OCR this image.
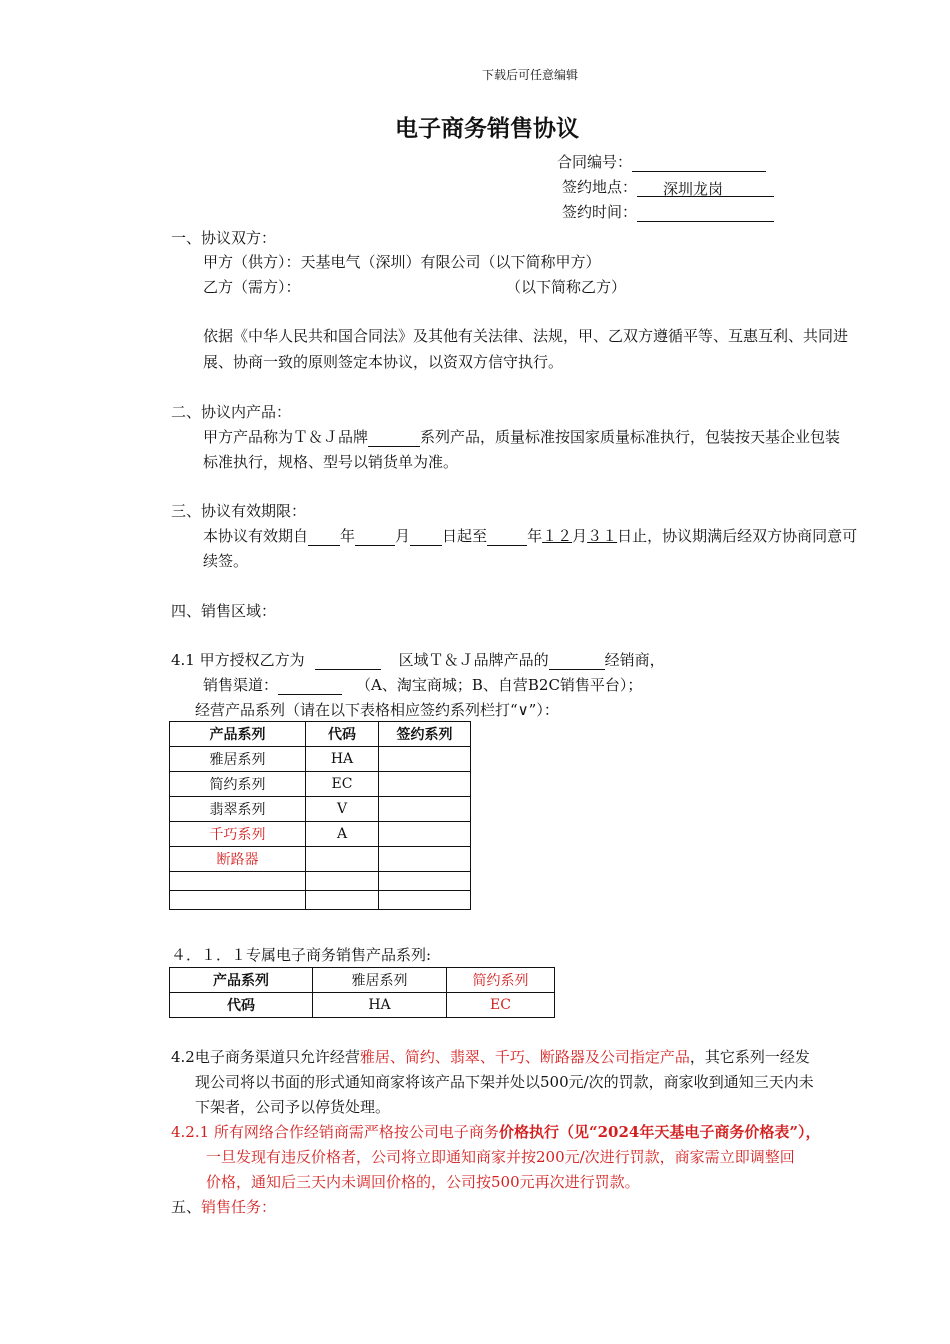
下载后可任意编辑
电子商务销售协议
合同编号：
签约地点： 深圳龙岗
签约时间：
一、协议双方：
甲方（供方）：天基电气（深圳）有限公司（以下简称甲方）
乙方（需方）：	（以下简称乙方）
依据《中华人民共和国合同法》及其他有关法律、法规，甲、乙双方遵循平等、互惠互利、共同进
展、协商一致的原则签定本协议，以资双方信守执行。
二、协议内产品：
甲方产品称为Ｔ＆Ｊ品牌	系列产品，质量标准按国家质量标准执行，包装按天基企业包装
标准执行，规格、型号以销货单为准。
三、协议有效期限：
本协议有效期自 年	月 日起至	年１２月３１日止，协议期满后经双方协商同意可
续签。
四、销售区域：
4.1 甲方授权乙方为	区域Ｔ＆Ｊ品牌产品的	经销商，
销售渠道：	（A、淘宝商城；B、自营B2C销售平台）；
经营产品系列（请在以下表格相应签约系列栏打“∨”）：
产品系列	代码	签约系列
雅居系列	HA	
简约系列	EC	
翡翠系列	V	
千巧系列	A	
断路器		

４．１．１专属电子商务销售产品系列:
产品系列	雅居系列	简约系列
代码	HA	EC
4.2电子商务渠道只允许经营雅居、简约、翡翠、千巧、断路器及公司指定产品，其它系列一经发
现公司将以书面的形式通知商家将该产品下架并处以500元/次的罚款，商家收到通知三天内未
下架者，公司予以停货处理。
4.2.1 所有网络合作经销商需严格按公司电子商务价格执行（见“2024年天基电子商务价格表”），
一旦发现有违反价格者，公司将立即通知商家并按200元/次进行罚款，商家需立即调整回
价格，通知后三天内未调回价格的，公司按500元再次进行罚款。
五、销售任务：
